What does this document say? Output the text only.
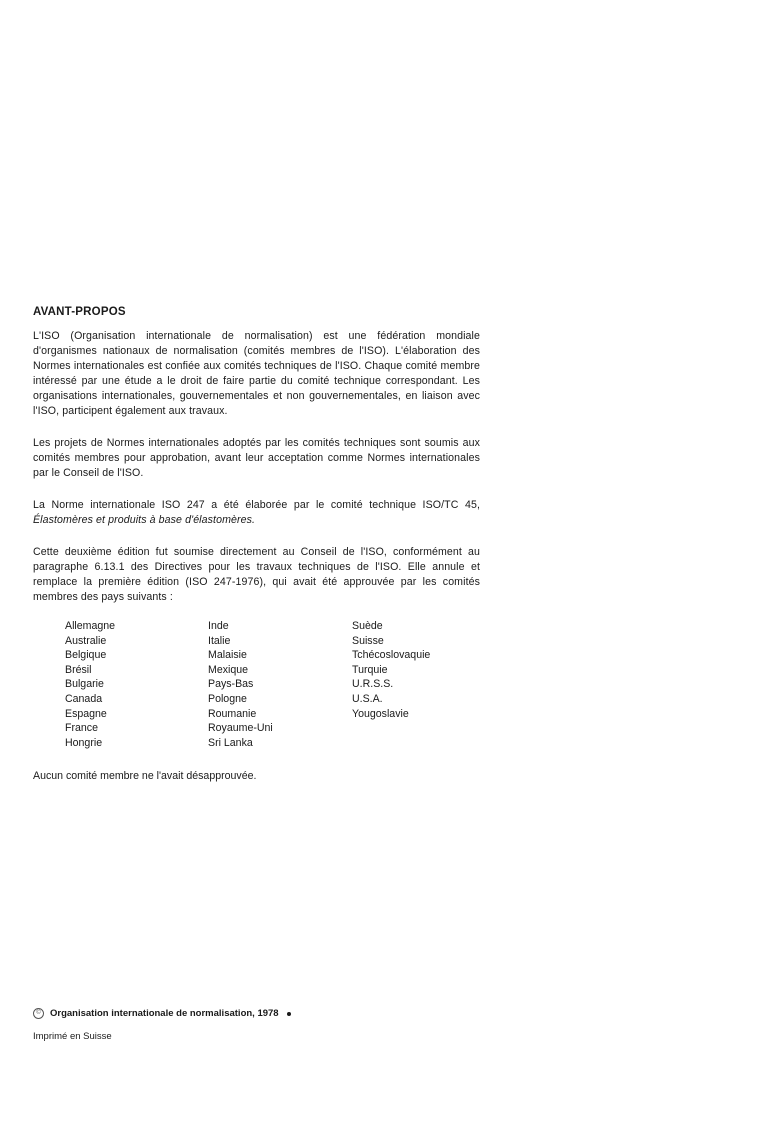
AVANT-PROPOS

L'ISO (Organisation internationale de normalisation) est une fédération mondiale d'organismes nationaux de normalisation (comités membres de l'ISO). L'élaboration des Normes internationales est confiée aux comités techniques de l'ISO. Chaque comité membre intéressé par une étude a le droit de faire partie du comité technique correspondant. Les organisations internationales, gouvernementales et non gouvernementales, en liaison avec l'ISO, participent également aux travaux.

Les projets de Normes internationales adoptés par les comités techniques sont soumis aux comités membres pour approbation, avant leur acceptation comme Normes internationales par le Conseil de l'ISO.

La Norme internationale ISO 247 a été élaborée par le comité technique ISO/TC 45, Élastomères et produits à base d'élastomères.

Cette deuxième édition fut soumise directement au Conseil de l'ISO, conformément au paragraphe 6.13.1 des Directives pour les travaux techniques de l'ISO. Elle annule et remplace la première édition (ISO 247-1976), qui avait été approuvée par les comités membres des pays suivants :

Allemagne
Australie
Belgique
Brésil
Bulgarie
Canada
Espagne
France
Hongrie
Inde
Italie
Malaisie
Mexique
Pays-Bas
Pologne
Roumanie
Royaume-Uni
Sri Lanka
Suède
Suisse
Tchécoslovaquie
Turquie
U.R.S.S.
U.S.A.
Yougoslavie

Aucun comité membre ne l'avait désapprouvée.

© Organisation internationale de normalisation, 1978
Imprimé en Suisse
